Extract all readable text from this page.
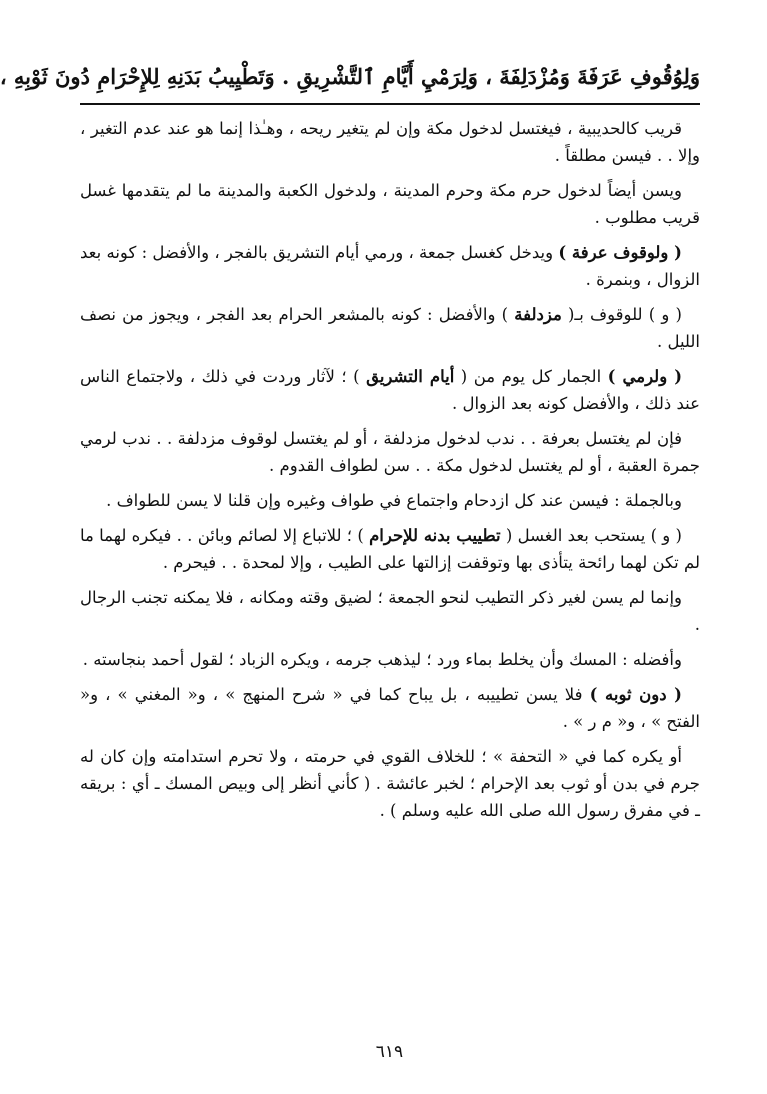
وَلِوُقُوفِ عَرَفَةَ وَمُزْدَلِفَةَ ، وَلِرَمْيِ أَيَّامِ ٱلتَّشْرِيقِ . وَتَطْيِيبُ بَدَنِهِ لِلإِحْرَامِ دُونَ ثَوْبِهِ ،

قريب كالحديبية ، فيغتسل لدخول مكة وإن لم يتغير ريحه ، وهـٰذا إنما هو عند عدم التغير ، وإلا . . فيسن مطلقاً .

ويسن أيضاً لدخول حرم مكة وحرم المدينة ، ولدخول الكعبة والمدينة ما لم يتقدمها غسل قريب مطلوب .

( ولوقوف عرفة ) ويدخل كغسل جمعة ، ورمي أيام التشريق بالفجر ، والأفضل : كونه بعد الزوال ، وبنمرة .

( و ) للوقوف بـ( مزدلفة ) والأفضل : كونه بالمشعر الحرام بعد الفجر ، ويجوز من نصف الليل .

( ولرمي ) الجمار كل يوم من ( أيام التشريق ) ؛ لآثار وردت في ذلك ، ولاجتماع الناس عند ذلك ، والأفضل كونه بعد الزوال .

فإن لم يغتسل بعرفة . . ندب لدخول مزدلفة ، أو لم يغتسل لوقوف مزدلفة . . ندب لرمي جمرة العقبة ، أو لم يغتسل لدخول مكة . . سن لطواف القدوم .

وبالجملة : فيسن عند كل ازدحام واجتماع في طواف وغيره وإن قلنا لا يسن للطواف .

( و ) يستحب بعد الغسل ( تطييب بدنه للإحرام ) ؛ للاتباع إلا لصائم وبائن . . فيكره لهما ما لم تكن لهما رائحة يتأذى بها وتوقفت إزالتها على الطيب ، وإلا لمحدة . . فيحرم .

وإنما لم يسن لغير ذكر التطيب لنحو الجمعة ؛ لضيق وقته ومكانه ، فلا يمكنه تجنب الرجال .

وأفضله : المسك وأن يخلط بماء ورد ؛ ليذهب جرمه ، ويكره الزباد ؛ لقول أحمد بنجاسته .

( دون ثوبه ) فلا يسن تطييبه ، بل يباح كما في « شرح المنهج » ، و« المغني » ، و« الفتح » ، و« م ر » .

أو يكره كما في « التحفة » ؛ للخلاف القوي في حرمته ، ولا تحرم استدامته وإن كان له جرم في بدن أو ثوب بعد الإحرام ؛ لخبر عائشة . ( كأني أنظر إلى وبيص المسك ـ أي : بريقه ـ في مفرق رسول الله صلى الله عليه وسلم ) .

٦١٩
